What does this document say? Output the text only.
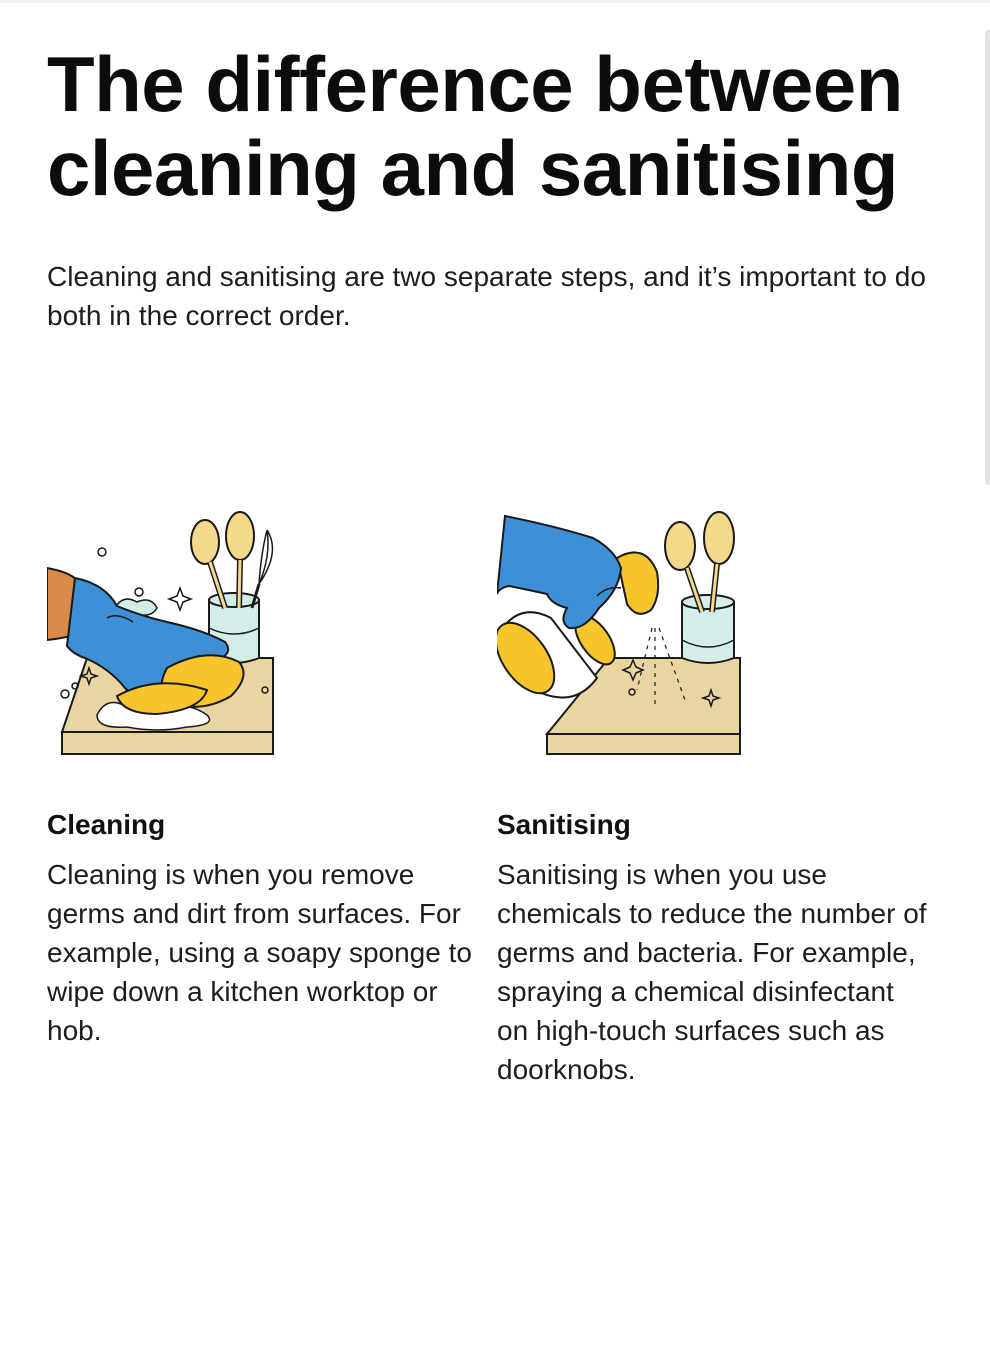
The difference between cleaning and sanitising

Cleaning and sanitising are two separate steps, and it’s important to do both in the correct order.

Cleaning

Cleaning is when you remove germs and dirt from surfaces. For example, using a soapy sponge to wipe down a kitchen worktop or hob.

Sanitising

Sanitising is when you use chemicals to reduce the number of germs and bacteria. For example, spraying a chemical disinfectant on high-touch surfaces such as doorknobs.
